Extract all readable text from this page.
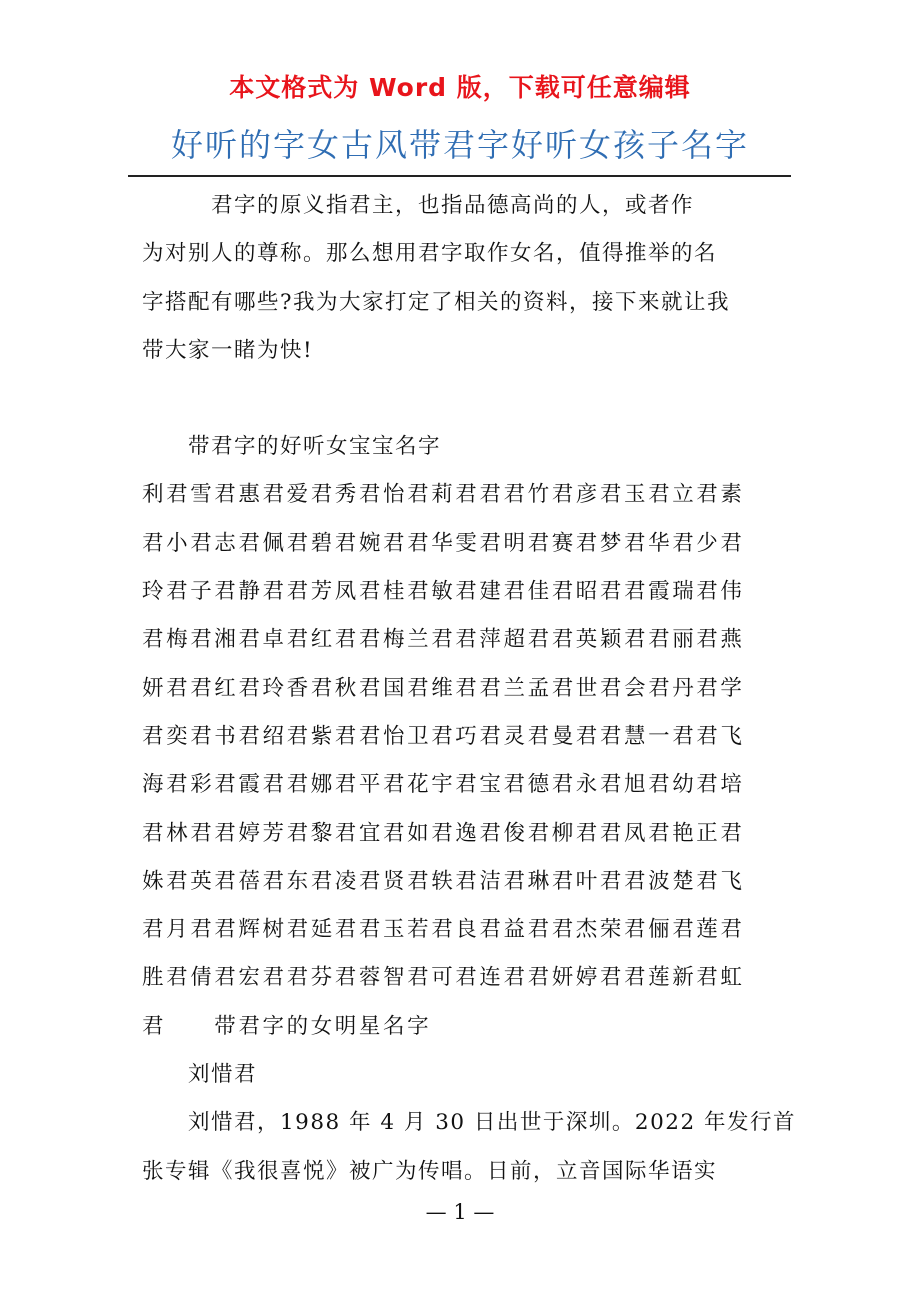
本文格式为 Word 版，下载可任意编辑
好听的字女古风带君字好听女孩子名字
　　　君字的原义指君主，也指品德高尚的人，或者作
为对别人的尊称。那么想用君字取作女名，值得推举的名
字搭配有哪些?我为大家打定了相关的资料，接下来就让我
带大家一睹为快!
　　带君字的好听女宝宝名字
利君雪君惠君爱君秀君怡君莉君君君竹君彦君玉君立君素
君小君志君佩君碧君婉君君华雯君明君赛君梦君华君少君
玲君子君静君君芳凤君桂君敏君建君佳君昭君君霞瑞君伟
君梅君湘君卓君红君君梅兰君君萍超君君英颖君君丽君燕
妍君君红君玲香君秋君国君维君君兰孟君世君会君丹君学
君奕君书君绍君紫君君怡卫君巧君灵君曼君君慧一君君飞
海君彩君霞君君娜君平君花宇君宝君德君永君旭君幼君培
君林君君婷芳君黎君宜君如君逸君俊君柳君君凤君艳正君
姝君英君蓓君东君凌君贤君轶君洁君琳君叶君君波楚君飞
君月君君辉树君延君君玉若君良君益君君杰荣君俪君莲君
胜君倩君宏君君芬君蓉智君可君连君君妍婷君君莲新君虹
君　　带君字的女明星名字
　　刘惜君
　　刘惜君，1988 年 4 月 30 日出世于深圳。2022 年发行首
张专辑《我很喜悦》被广为传唱。日前，立音国际华语实
— 1 —
